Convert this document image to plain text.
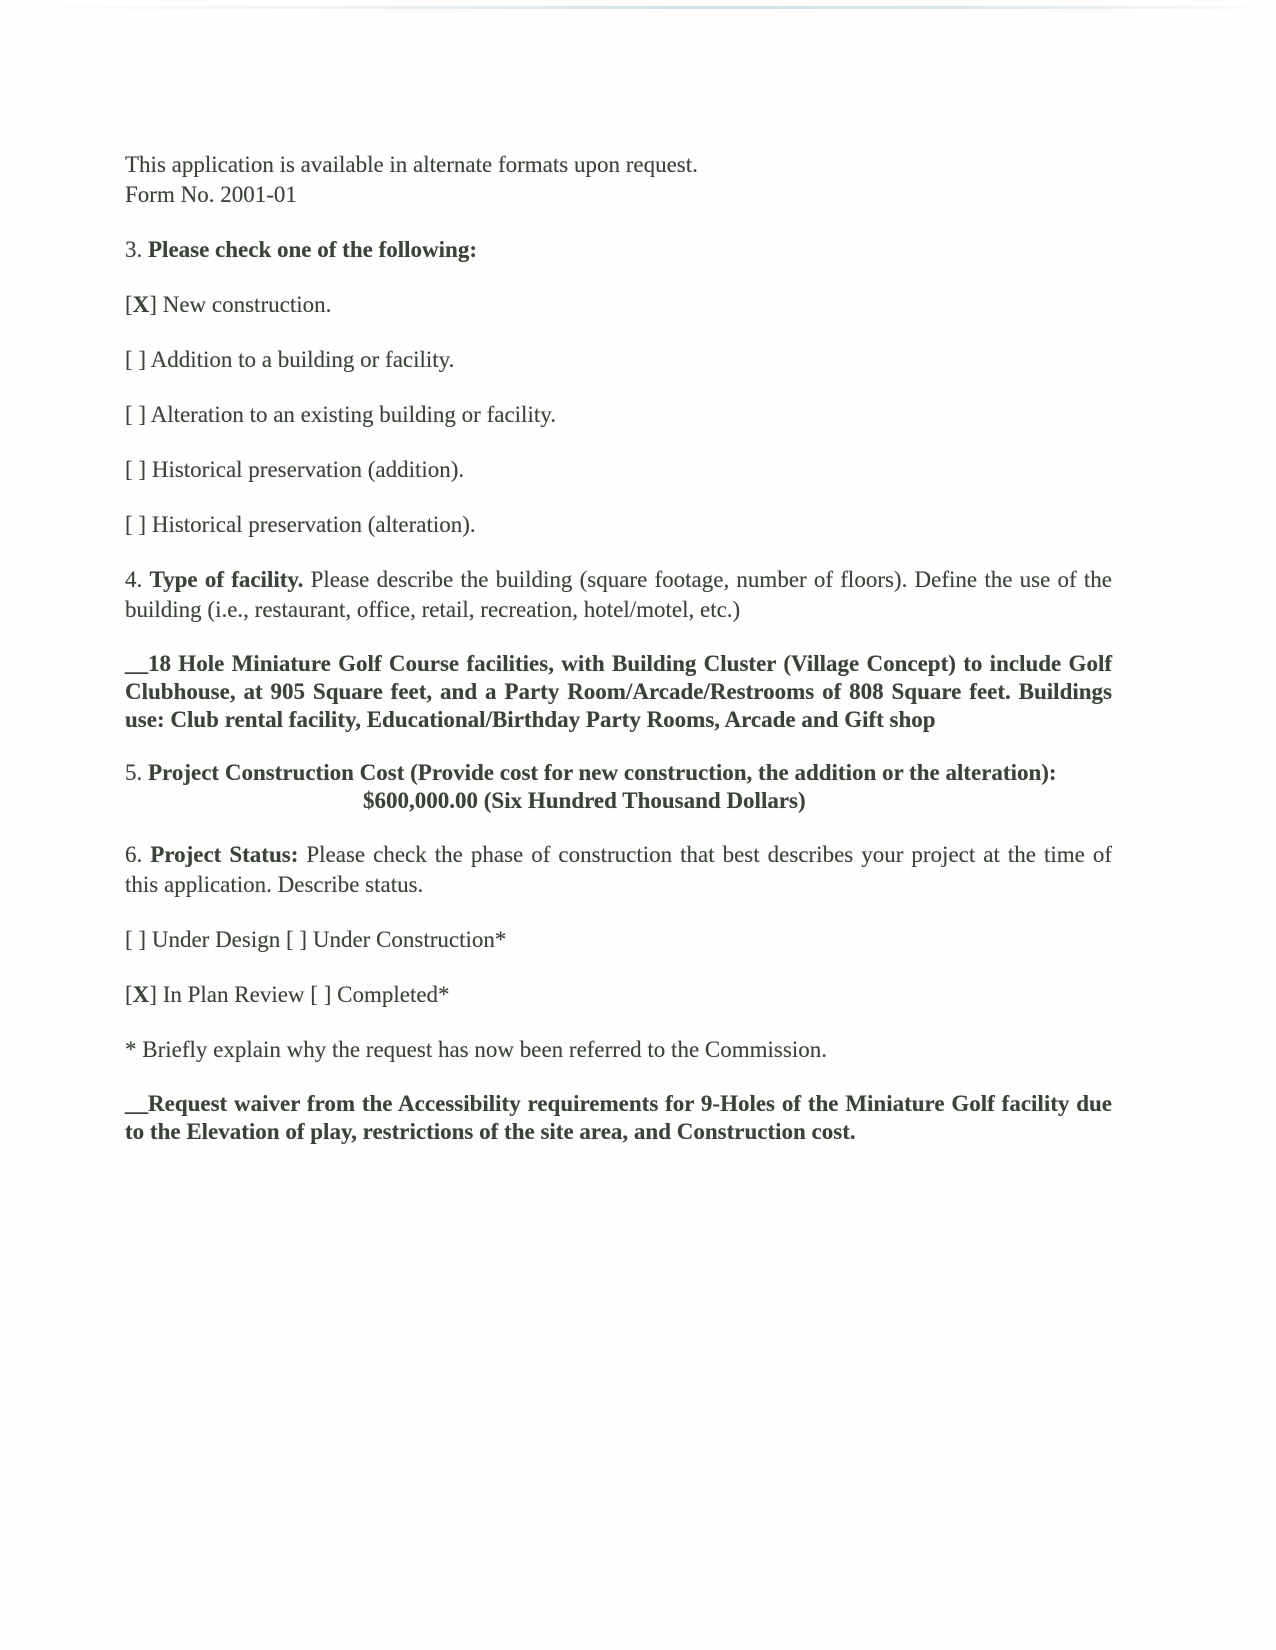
This application is available in alternate formats upon request.
Form No. 2001-01

3. Please check one of the following:

[X] New construction.

[ ] Addition to a building or facility.

[ ] Alteration to an existing building or facility.

[ ] Historical preservation (addition).

[ ] Historical preservation (alteration).

4. Type of facility. Please describe the building (square footage, number of floors). Define the use of the building (i.e., restaurant, office, retail, recreation, hotel/motel, etc.)

__18 Hole Miniature Golf Course facilities, with Building Cluster (Village Concept) to include Golf Clubhouse, at 905 Square feet, and a Party Room/Arcade/Restrooms of 808 Square feet. Buildings use: Club rental facility, Educational/Birthday Party Rooms, Arcade and Gift shop

5. Project Construction Cost (Provide cost for new construction, the addition or the alteration):

$600,000.00 (Six Hundred Thousand Dollars)

6. Project Status: Please check the phase of construction that best describes your project at the time of this application. Describe status.

[ ] Under Design [ ] Under Construction*

[X] In Plan Review [ ] Completed*

* Briefly explain why the request has now been referred to the Commission.

__Request waiver from the Accessibility requirements for 9-Holes of the Miniature Golf facility due to the Elevation of play, restrictions of the site area, and Construction cost.
